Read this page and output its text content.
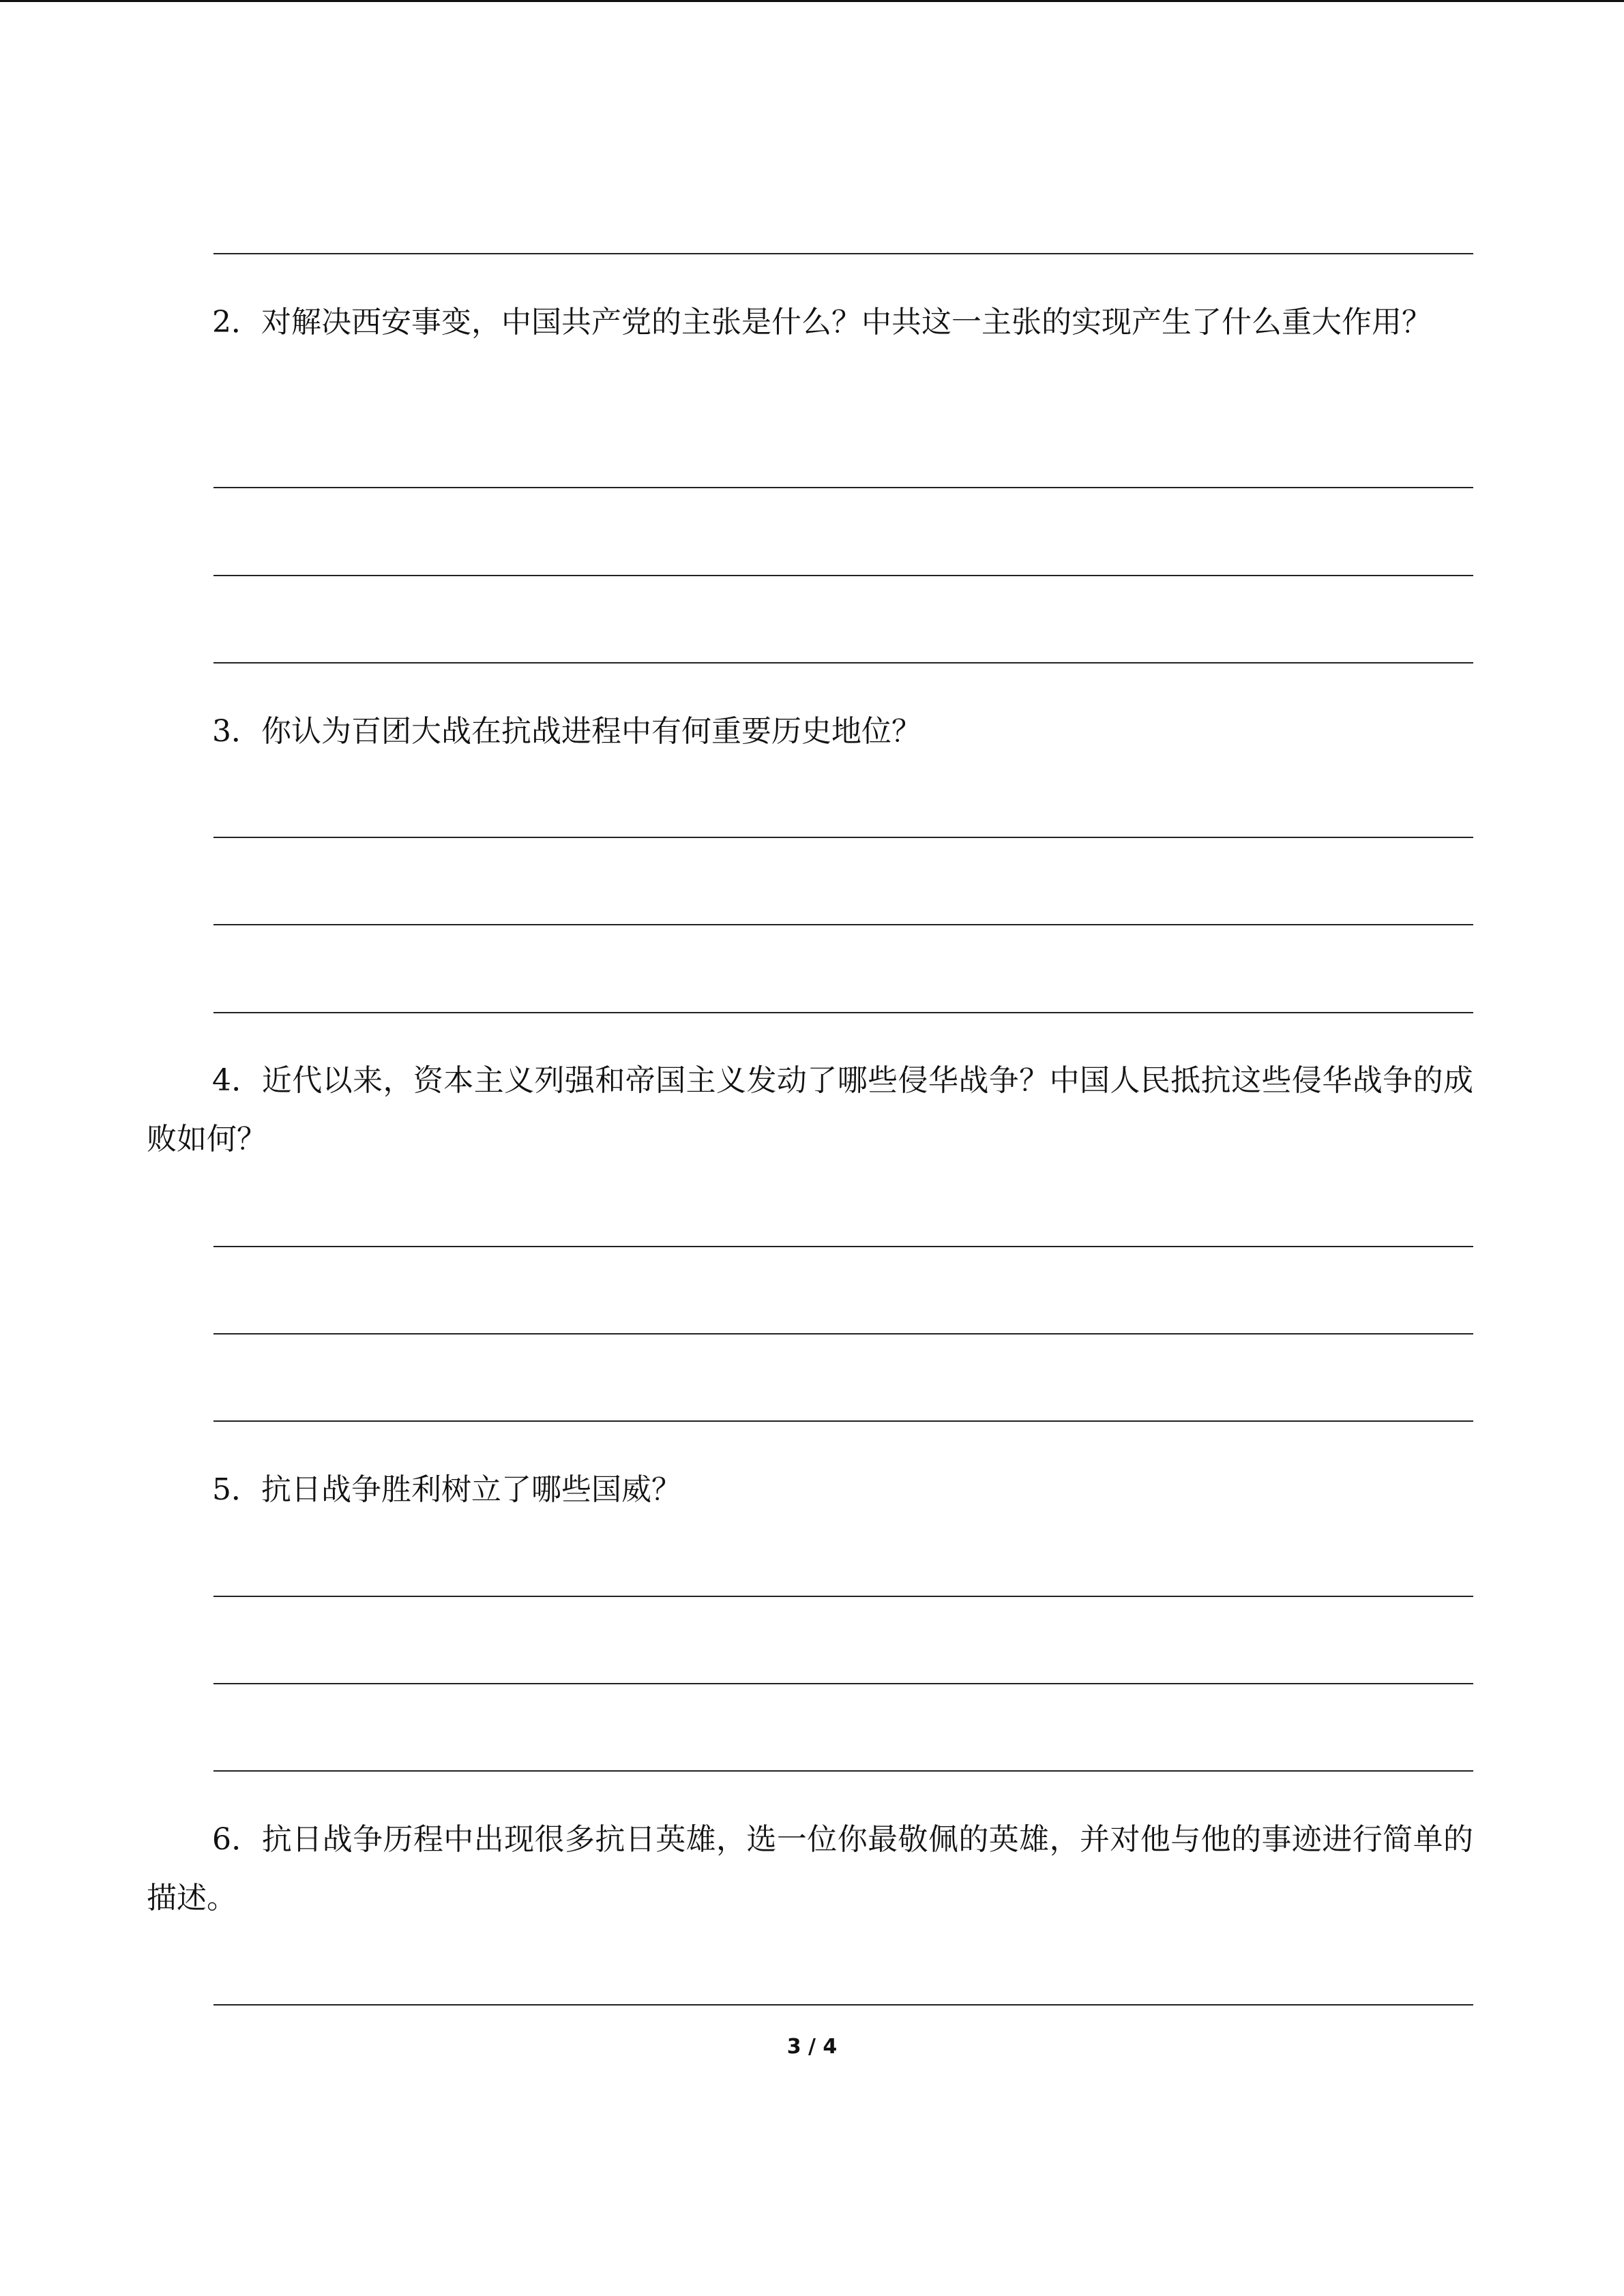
2．对解决西安事变，中国共产党的主张是什么？中共这一主张的实现产生了什么重大作用？

3．你认为百团大战在抗战进程中有何重要历史地位？

4．近代以来，资本主义列强和帝国主义发动了哪些侵华战争？中国人民抵抗这些侵华战争的成败如何？

5．抗日战争胜利树立了哪些国威？

6．抗日战争历程中出现很多抗日英雄，选一位你最敬佩的英雄，并对他与他的事迹进行简单的描述。

3 / 4
